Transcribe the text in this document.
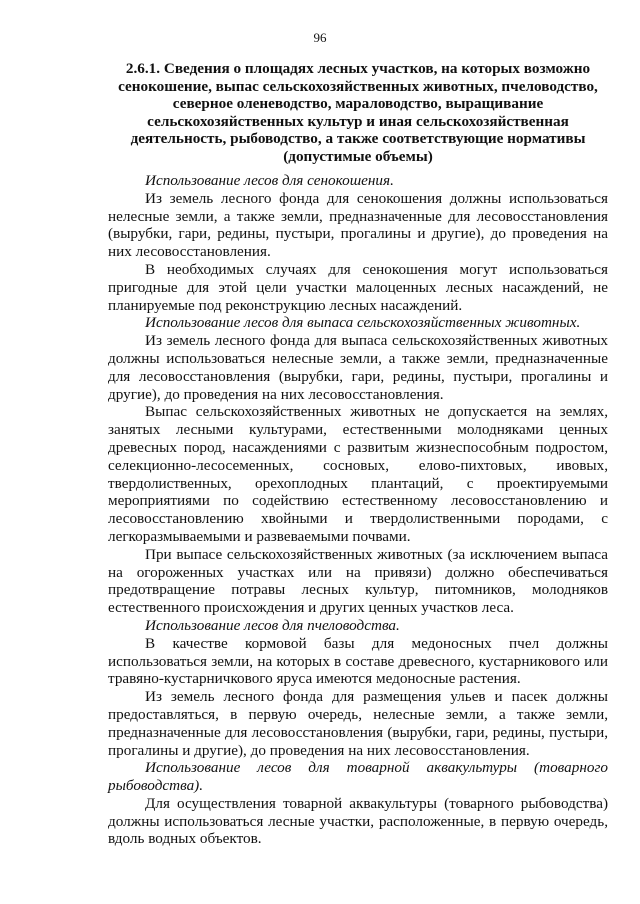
96
2.6.1. Сведения о площадях лесных участков, на которых возможно сенокошение, выпас сельскохозяйственных животных, пчеловодство, северное оленеводство, мараловодство, выращивание сельскохозяйственных культур и иная сельскохозяйственная деятельность, рыбоводство, а также соответствующие нормативы (допустимые объемы)

Использование лесов для сенокошения.

Из земель лесного фонда для сенокошения должны использоваться нелесные земли, а также земли, предназначенные для лесовосстановления (вырубки, гари, редины, пустыри, прогалины и другие), до проведения на них лесовосстановления.

В необходимых случаях для сенокошения могут использоваться пригодные для этой цели участки малоценных лесных насаждений, не планируемые под реконструкцию лесных насаждений.

Использование лесов для выпаса сельскохозяйственных животных.

Из земель лесного фонда для выпаса сельскохозяйственных животных должны использоваться нелесные земли, а также земли, предназначенные для лесовосстановления (вырубки, гари, редины, пустыри, прогалины и другие), до проведения на них лесовосстановления.

Выпас сельскохозяйственных животных не допускается на землях, занятых лесными культурами, естественными молодняками ценных древесных пород, насаждениями с развитым жизнеспособным подростом, селекционно-лесосеменных, сосновых, елово-пихтовых, ивовых, твердолиственных, орехоплодных плантаций, с проектируемыми мероприятиями по содействию естественному лесовосстановлению и лесовосстановлению хвойными и твердолиственными породами, с легкоразмываемыми и развеваемыми почвами.

При выпасе сельскохозяйственных животных (за исключением выпаса на огороженных участках или на привязи) должно обеспечиваться предотвращение потравы лесных культур, питомников, молодняков естественного происхождения и других ценных участков леса.

Использование лесов для пчеловодства.

В качестве кормовой базы для медоносных пчел должны использоваться земли, на которых в составе древесного, кустарникового или травяно-кустарничкового яруса имеются медоносные растения.

Из земель лесного фонда для размещения ульев и пасек должны предоставляться, в первую очередь, нелесные земли, а также земли, предназначенные для лесовосстановления (вырубки, гари, редины, пустыри, прогалины и другие), до проведения на них лесовосстановления.

Использование лесов для товарной аквакультуры (товарного рыбоводства).

Для осуществления товарной аквакультуры (товарного рыбоводства) должны использоваться лесные участки, расположенные, в первую очередь, вдоль водных объектов.
